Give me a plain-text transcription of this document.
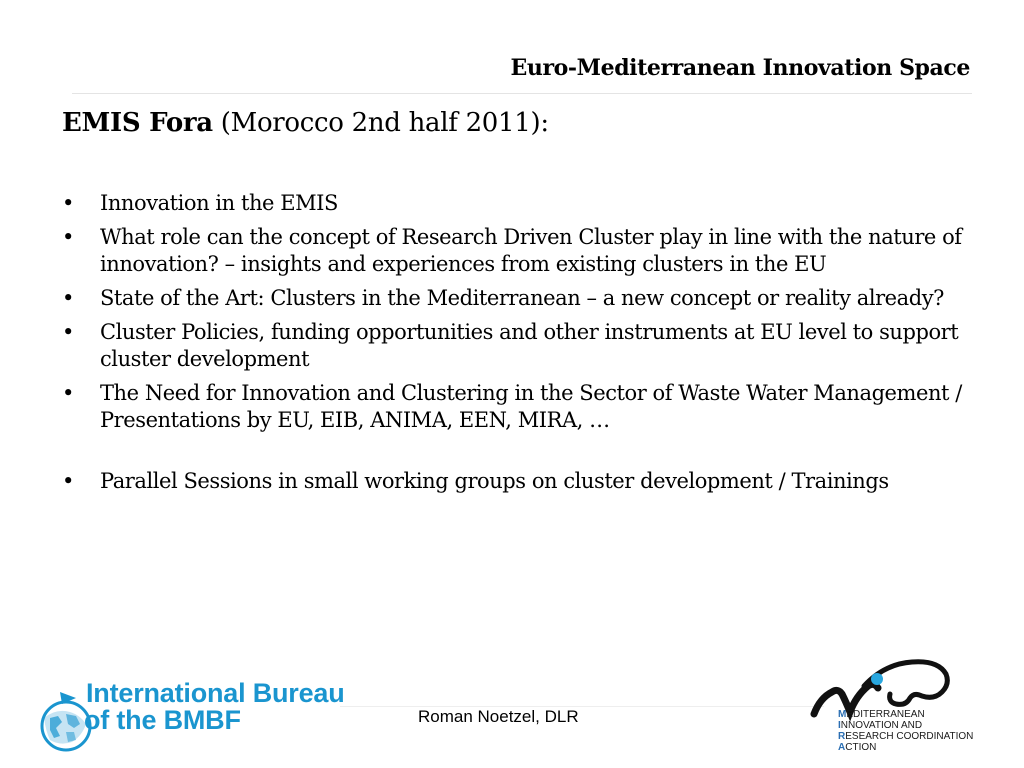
Euro-Mediterranean Innovation Space
EMIS Fora (Morocco 2nd half 2011):
• Innovation in the EMIS
• What role can the concept of Research Driven Cluster play in line with the nature of innovation? – insights and experiences from existing clusters in the EU
• State of the Art: Clusters in the Mediterranean – a new concept or reality already?
• Cluster Policies, funding opportunities and other instruments at EU level to support cluster development
• The Need for Innovation and Clustering in the Sector of Waste Water Management / Presentations by EU, EIB, ANIMA, EEN, MIRA, …
• Parallel Sessions in small working groups on cluster development / Trainings
International Bureau
of the BMBF	Roman Noetzel, DLR	MEDITERRANEAN
INNOVATION AND
RESEARCH COORDINATION
ACTION
